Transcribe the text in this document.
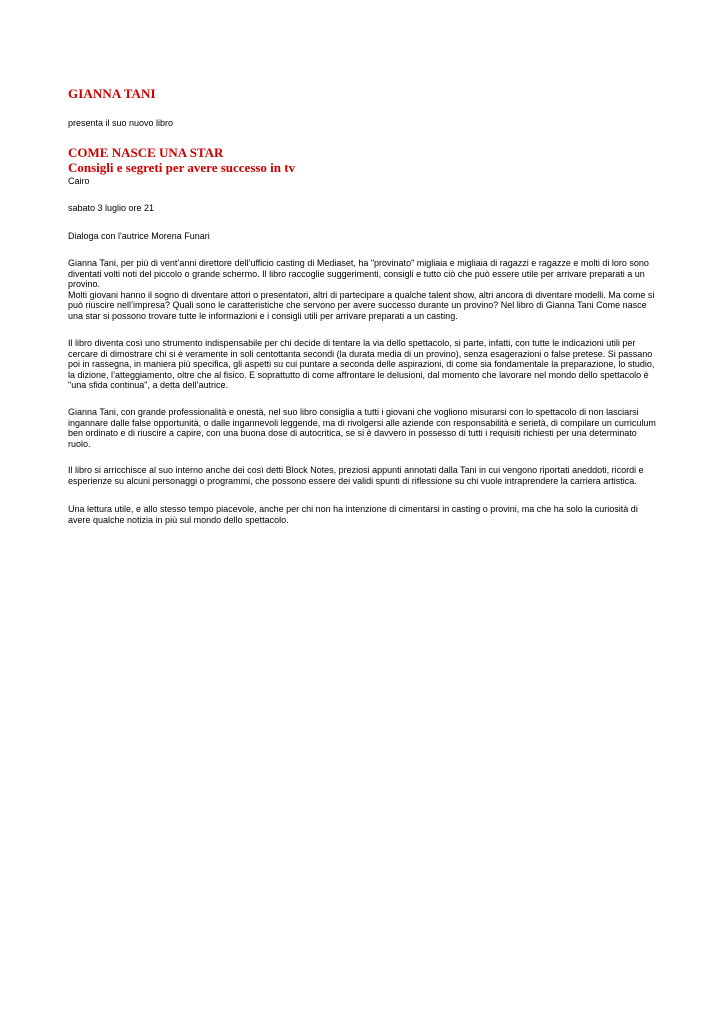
GIANNA TANI

presenta il suo nuovo libro

COME NASCE UNA STAR
Consigli e segreti per avere successo in tv

Cairo

sabato 3 luglio ore 21

Dialoga con l'autrice Morena Funari

Gianna Tani, per più di vent’anni direttore dell’ufficio casting di Mediaset, ha "provinato" migliaia e migliaia di ragazzi e ragazze e molti di loro sono diventati volti noti del piccolo o grande schermo. Il libro raccoglie suggerimenti, consigli e tutto ciò che può essere utile per arrivare preparati a un provino.
Molti giovani hanno il sogno di diventare attori o presentatori, altri di partecipare a qualche talent show, altri ancora di diventare modelli. Ma come si può riuscire nell’impresa? Quali sono le caratteristiche che servono per avere successo durante un provino? Nel libro di Gianna Tani Come nasce una star si possono trovare tutte le informazioni e i consigli utili per arrivare preparati a un casting.

Il libro diventa così uno strumento indispensabile per chi decide di tentare la via dello spettacolo, si parte, infatti, con tutte le indicazioni utili per cercare di dimostrare chi si è veramente in soli centottanta secondi (la durata media di un provino), senza esagerazioni o false pretese. Si passano poi in rassegna, in maniera più specifica, gli aspetti su cui puntare a seconda delle aspirazioni, di come sia fondamentale la preparazione, lo studio, la dizione, l’atteggiamento, oltre che al fisico. E soprattutto di come affrontare le delusioni, dal momento che lavorare nel mondo dello spettacolo è "una sfida continua", a detta dell’autrice.

Gianna Tani, con grande professionalità e onestà, nel suo libro consiglia a tutti i giovani che vogliono misurarsi con lo spettacolo di non lasciarsi ingannare dalle false opportunità, o dalle ingannevoli leggende, ma di rivolgersi alle aziende con responsabilità e serietà, di compilare un curriculum ben ordinato e di riuscire a capire, con una buona dose di autocritica, se si è davvero in possesso di tutti i requisiti richiesti per una determinato ruolo.

Il libro si arricchisce al suo interno anche dei così detti Block Notes, preziosi appunti annotati dalla Tani in cui vengono riportati aneddoti, ricordi e esperienze su alcuni personaggi o programmi, che possono essere dei validi spunti di riflessione su chi vuole intraprendere la carriera artistica.

Una lettura utile, e allo stesso tempo piacevole, anche per chi non ha intenzione di cimentarsi in casting o provini, ma che ha solo la curiosità di avere qualche notizia in più sul mondo dello spettacolo.
